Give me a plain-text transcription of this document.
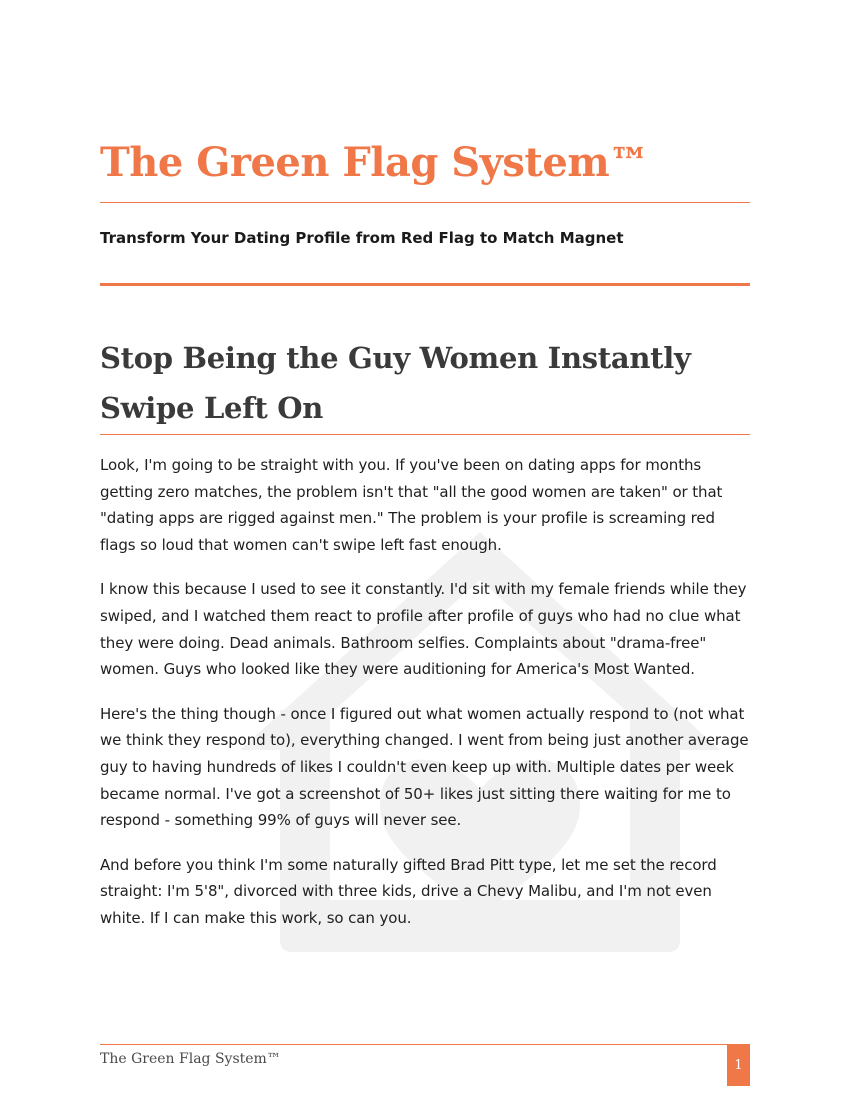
The Green Flag System™

Transform Your Dating Profile from Red Flag to Match Magnet

Stop Being the Guy Women Instantly Swipe Left On

Look, I'm going to be straight with you. If you've been on dating apps for months getting zero matches, the problem isn't that "all the good women are taken" or that "dating apps are rigged against men." The problem is your profile is screaming red flags so loud that women can't swipe left fast enough.

I know this because I used to see it constantly. I'd sit with my female friends while they swiped, and I watched them react to profile after profile of guys who had no clue what they were doing. Dead animals. Bathroom selfies. Complaints about "drama-free" women. Guys who looked like they were auditioning for America's Most Wanted.

Here's the thing though - once I figured out what women actually respond to (not what we think they respond to), everything changed. I went from being just another average guy to having hundreds of likes I couldn't even keep up with. Multiple dates per week became normal. I've got a screenshot of 50+ likes just sitting there waiting for me to respond - something 99% of guys will never see.

And before you think I'm some naturally gifted Brad Pitt type, let me set the record straight: I'm 5'8", divorced with three kids, drive a Chevy Malibu, and I'm not even white. If I can make this work, so can you.

The Green Flag System™	1
